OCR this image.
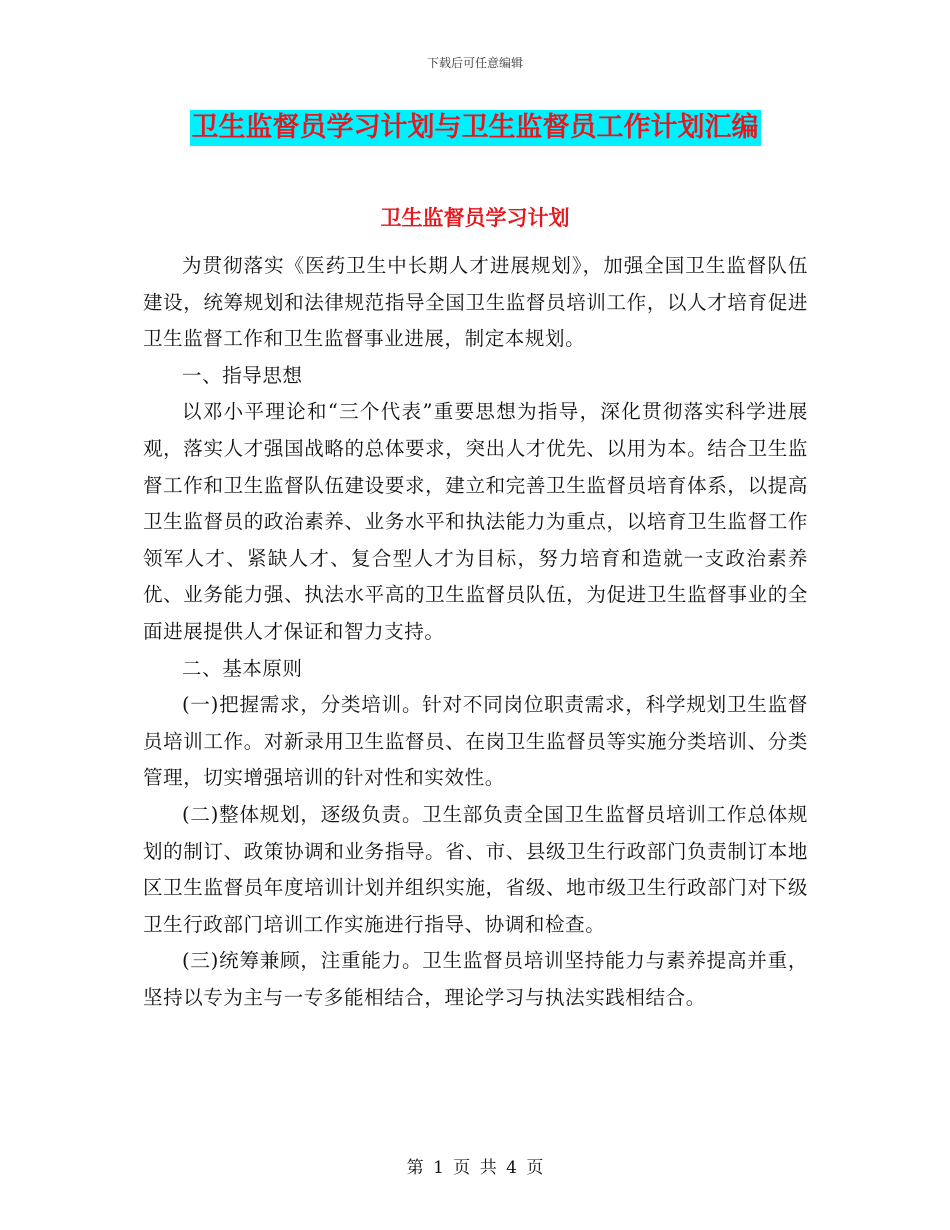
下载后可任意编辑
卫生监督员学习计划与卫生监督员工作计划汇编
卫生监督员学习计划

为贯彻落实《医药卫生中长期人才进展规划》，加强全国卫生监督队伍建设，统筹规划和法律规范指导全国卫生监督员培训工作，以人才培育促进卫生监督工作和卫生监督事业进展，制定本规划。

一、指导思想

以邓小平理论和“三个代表”重要思想为指导，深化贯彻落实科学进展观，落实人才强国战略的总体要求，突出人才优先、以用为本。结合卫生监督工作和卫生监督队伍建设要求，建立和完善卫生监督员培育体系，以提高卫生监督员的政治素养、业务水平和执法能力为重点，以培育卫生监督工作领军人才、紧缺人才、复合型人才为目标，努力培育和造就一支政治素养优、业务能力强、执法水平高的卫生监督员队伍，为促进卫生监督事业的全面进展提供人才保证和智力支持。

二、基本原则

(一)把握需求，分类培训。针对不同岗位职责需求，科学规划卫生监督员培训工作。对新录用卫生监督员、在岗卫生监督员等实施分类培训、分类管理，切实增强培训的针对性和实效性。

(二)整体规划，逐级负责。卫生部负责全国卫生监督员培训工作总体规划的制订、政策协调和业务指导。省、市、县级卫生行政部门负责制订本地区卫生监督员年度培训计划并组织实施，省级、地市级卫生行政部门对下级卫生行政部门培训工作实施进行指导、协调和检查。

(三)统筹兼顾，注重能力。卫生监督员培训坚持能力与素养提高并重，坚持以专为主与一专多能相结合，理论学习与执法实践相结合。

第 1 页 共 4 页
